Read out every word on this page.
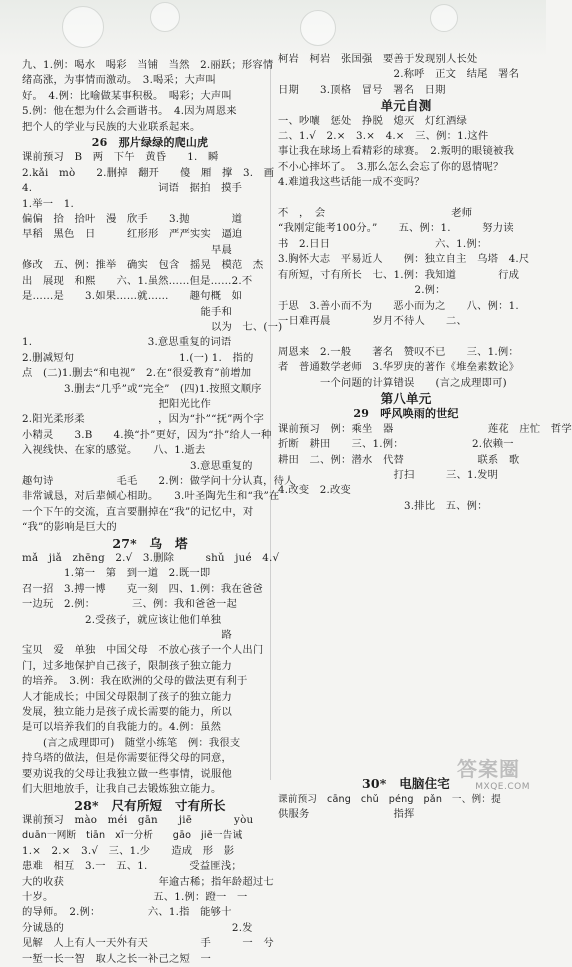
九、1.例：喝水　喝彩　当铺　当然　2.丽跃；形容情
绪高涨，为事情而激动。　3.喝采；大声叫
好。　4.例：比喻做某事积极。　喝彩；大声叫
5.例：他在想为什么会画谐书。　4.因为周恩来
把个人的学业与民族的大业联系起来。
26　那片绿绿的爬山虎
课前预习　B　两　下午　黄昏　　1.　瞬
2.kǎi　mò　　2.删掉　翻开　　傻　厢　撑　3.　画
4.　　　　　　　　　　　　词语　据拍　摸手
1.举一　1.　　　　　　　　　　　　　　　　
偏偏　拾　拾叶　漫　欣手　　3.抛　　　　道
早稻　黑色　日　　　红形形　严严实实　逼迫
　　　　　　　　　　　　　　　　　　早晨
修改　五、例：推举　确实　包含　摇晃　模范　杰
出　展现　和熙　　六、1.虽然……但是……2.不
是……是　　3.如果……就……　　趣句概　如
　　　　　　　　　　　　　　　　　能手和
　　　　　　　　　　　　　　　　　　以为　七、(一)
1.　　　　　　　　　　　3.意思重复的词语
2.删减短句　　　　　　　　　　1.(一) 1.　指的
点　(二)1.删去“和电视”　2.在“很爱教育”前增加
　　　　3.删去“几乎”或“完全”　(四)1.按照文顺序
　　　　　　　　　　　　　把阳光比作
2.阳光柔形柔　　　　　　　，因为“扑”“抚”两个字
小精灵　　3.B　　4.换“扑”更好，因为“扑”给人一种
入视线快、在家的感觉。　　八、1.逝去
　　　　　　　　　　　　　　　　3.意思重复的
趣句诗　　　　　　毛毛　　2.例：做学问十分认真，待人
非常诚恳，对后辈倾心相助。　　3.叶圣陶先生和“我”在
一个下午的交流，直言要删掉在“我”的记忆中，对
“我”的影响是巨大的
27*　乌　塔
mǎ　jiǎ　zhēng　2.√　3.删除　　　shǔ　jué　4.√
　　　　1.第一　第　到一道　2.既一即
召一招　3.搏一博　　克一刻　四、1.例：我在爸爸
一边玩　2.例：　　　　三、例：我和爸爸一起
　　　　　　2.受孩子，就应该让他们单独
　　　　　　　　　　　　　　　　　　　路
宝贝　爱　单独　中国父母　不放心孩子一个人出门
门，过多地保护自己孩子，限制孩子独立能力
的培养。　3.例：我在欧洲的父母的做法更有利于
人才能成长；中国父母限制了孩子的独立能力
发展，独立能力是孩子成长需要的能力，所以
是可以培养我们的自我能力的。4.例：虽然
　　(言之成理即可)　随堂小练笔　例：我很支
持乌塔的做法，但是你需要征得父母的同意，
要劝说我的父母让我独立做一些事情，说服他
们大胆地放手，让我自己去锻炼独立能力。
28*　尺有所短　寸有所长
课前预习　mào　méi　gān　　jiē　　　　yòu
duān一网断　tiān　xī一分析　　gāo　jiē一告诫
1.×　2.×　3.√　三、1.少　　造成　形　影
患难　相互　3.一　五、1.　　　　受益匪浅；
大的收获　　　　　　　　　年逾古稀；指年龄超过七
十岁。　　　　　　　　　　五、1.例：蹬一　一
的导师。　2.例：　　　　　六、1.指　能够十
分诚恳的　　　　　　　　　　　　　　　　2.发
见解　人上有人一天外有天　　　　　手　　　一　兮
一堑一长一智　取人之长一补己之短　一
柯岩　柯岩　张国强　要善于发现别人长处
　　　　　　　　　　　2.称呼　正文　结尾　署名
日期　　3.顶格　冒号　署名　日期
单元自测
一、吵嚷　惩处　挣脱　熄灭　灯红酒绿
二、1.√　2.×　3.×　4.×　三、例：1.这件
事让我在球场上看精彩的球赛。　2.叛明的眼镜被我
不小心摔坏了。　3.那么怎么会忘了你的恩情呢？
4.难道我这些话能一成不变吗？

不　，　会　　　　　　　　　　　　老师
“我刚定能考100分。”　　五、例：1.　　　努力读
书　2.日日　　　　　　　　　　六、1.例：　　　　　　
3.胸怀大志　平易近人　　例：独立自主　乌塔　4.尺
有所短，寸有所长　七、1.例：我知道　　　　行成
　　　　　　　　　　　　　2.例：　　　　　　　　　　　　
于思　3.善小而不为　　恶小而为之　　八、例：1.　
一日难再晨　　　　岁月不待人　　二、　　　　

周恩来　2.一般　　著名　赞叹不已　　三、1.例：
者　普通数学老师　3.华罗庚的著作《堆垒素数论》
　　　　一个问题的计算错误　　(言之成理即可)
第八单元
29　呼风唤雨的世纪
课前预习　例：乘坐　器　　　　　　　　　莲花　庄忙　哲学
折断　耕田　　三、1.例：　　　　　　　2.依赖一
耕田　二、例：潜水　代替　　　　　　　联系　歌
　　　　　　　　　　　打扫　　　三、1.发明　　　
4.改变　2.改变　　　　　　　　　　　　　　　　
　　　　　　　　　　　　3.排比　五、例：

30*　电脑住宅
课前预习　cāng　chǔ　péng　pǎn　一、例：提
供服务　　　　　　　　指挥　　　　　　　　

答案圈
MXQE.COM
